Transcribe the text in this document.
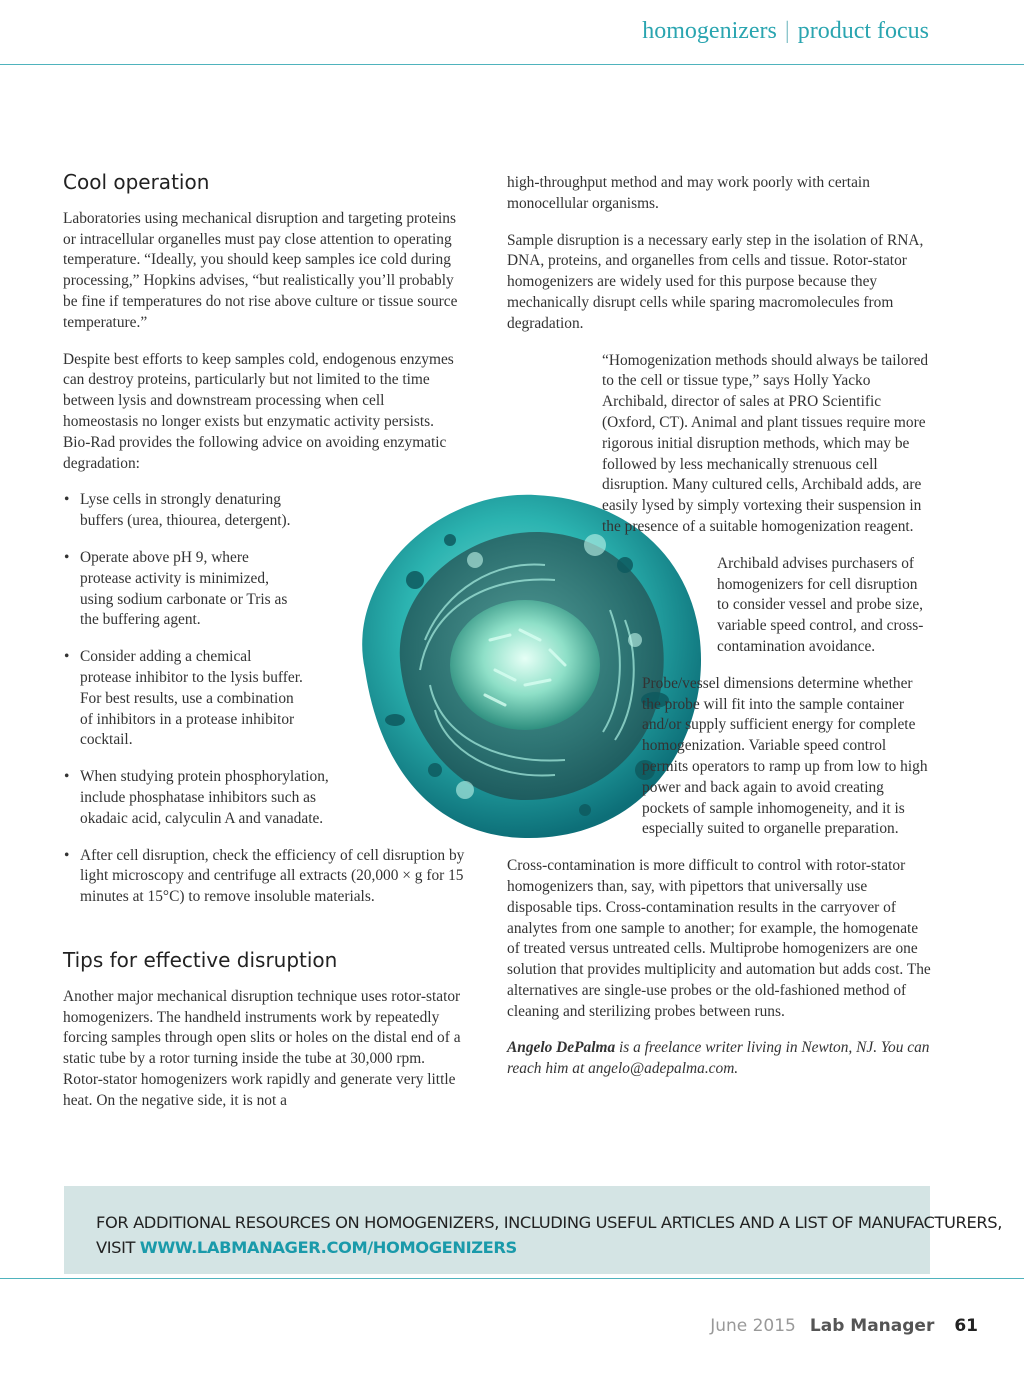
homogenizers | product focus
Cool operation

Laboratories using mechanical disruption and targeting proteins or intracellular organelles must pay close attention to operating temperature. “Ideally, you should keep samples ice cold during processing,” Hopkins advises, “but realistically you’ll probably be fine if temperatures do not rise above culture or tissue source temperature.”

Despite best efforts to keep samples cold, endogenous enzymes can destroy proteins, particularly but not limited to the time between lysis and downstream processing when cell homeostasis no longer exists but enzymatic activity persists. Bio-Rad provides the following advice on avoiding enzymatic degradation:

• Lyse cells in strongly denaturing buffers (urea, thiourea, detergent).
• Operate above pH 9, where protease activity is minimized, using sodium carbonate or Tris as the buffering agent.
• Consider adding a chemical protease inhibitor to the lysis buffer. For best results, use a combination of inhibitors in a protease inhibitor cocktail.
• When studying protein phosphorylation, include phosphatase inhibitors such as okadaic acid, calyculin A and vanadate.
• After cell disruption, check the efficiency of cell disruption by light microscopy and centrifuge all extracts (20,000 × g for 15 minutes at 15°C) to remove insoluble materials.
Tips for effective disruption

Another major mechanical disruption technique uses rotor-stator homogenizers. The handheld instruments work by repeatedly forcing samples through open slits or holes on the distal end of a static tube by a rotor turning inside the tube at 30,000 rpm. Rotor-stator homogenizers work rapidly and generate very little heat. On the negative side, it is not a

high-throughput method and may work poorly with certain monocellular organisms.

Sample disruption is a necessary early step in the isolation of RNA, DNA, proteins, and organelles from cells and tissue. Rotor-stator homogenizers are widely used for this purpose because they mechanically disrupt cells while sparing macromolecules from degradation.

“Homogenization methods should always be tailored to the cell or tissue type,” says Holly Yacko Archibald, director of sales at PRO Scientific (Oxford, CT). Animal and plant tissues require more rigorous initial disruption methods, which may be followed by less mechanically strenuous cell disruption. Many cultured cells, Archibald adds, are easily lysed by simply vortexing their suspension in the presence of a suitable homogenization reagent.

Archibald advises purchasers of homogenizers for cell disruption to consider vessel and probe size, variable speed control, and cross-contamination avoidance.

Probe/vessel dimensions determine whether the probe will fit into the sample container and/or supply sufficient energy for complete homogenization. Variable speed control permits operators to ramp up from low to high power and back again to avoid creating pockets of sample inhomogeneity, and it is especially suited to organelle preparation.

Cross-contamination is more difficult to control with rotor-stator homogenizers than, say, with pipettors that universally use disposable tips. Cross-contamination results in the carryover of analytes from one sample to another; for example, the homogenate of treated versus untreated cells. Multiprobe homogenizers are one solution that provides multiplicity and automation but adds cost. The alternatives are single-use probes or the old-fashioned method of cleaning and sterilizing probes between runs.

Angelo DePalma is a freelance writer living in Newton, NJ. You can reach him at angelo@adepalma.com.

FOR ADDITIONAL RESOURCES ON HOMOGENIZERS, INCLUDING USEFUL ARTICLES AND A LIST OF MANUFACTURERS,
VISIT WWW.LABMANAGER.COM/HOMOGENIZERS
June 2015 Lab Manager 61
